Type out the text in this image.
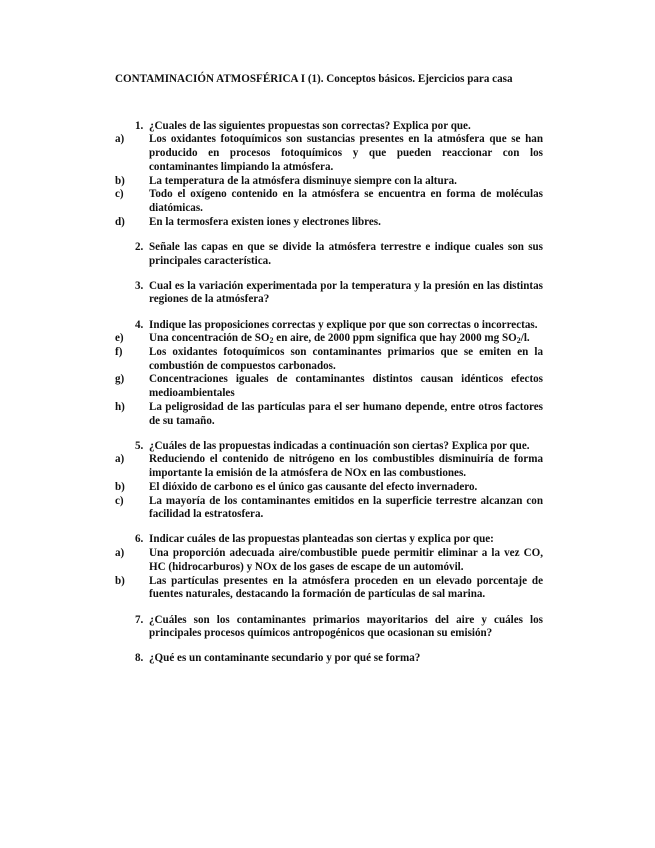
CONTAMINACIÓN ATMOSFÉRICA I (1). Conceptos básicos. Ejercicios para casa
1. ¿Cuales de las siguientes propuestas son correctas? Explica por que.
a)	Los oxidantes fotoquímicos son sustancias presentes en la atmósfera que se han producido en procesos fotoquímicos y que pueden reaccionar con los contaminantes limpiando la atmósfera.
b)	La temperatura de la atmósfera disminuye siempre con la altura.
c)	Todo el oxígeno contenido en la atmósfera se encuentra en forma de moléculas diatómicas.
d)	En la termosfera existen iones y electrones libres.
2. Señale las capas en que se divide la atmósfera terrestre e indique cuales son sus principales característica.
3. Cual es la variación experimentada por la temperatura y la presión en las distintas regiones de la atmósfera?
4. Indique las proposiciones correctas y explique por que son correctas o incorrectas.
e)	Una concentración de $SO_2$ en aire, de 2000 ppm significa que hay 2000 mg $SO_2/l$.
f)	Los oxidantes fotoquímicos son contaminantes primarios que se emiten en la combustión de compuestos carbonados.
g)	Concentraciones iguales de contaminantes distintos causan idénticos efectos medioambientales
h)	La peligrosidad de las partículas para el ser humano depende, entre otros factores de su tamaño.
5. ¿Cuáles de las propuestas indicadas a continuación son ciertas? Explica por que.
a)	Reduciendo el contenido de nitrógeno en los combustibles disminuiría de forma importante la emisión de la atmósfera de NOx en las combustiones.
b)	El dióxido de carbono es el único gas causante del efecto invernadero.
c)	La mayoría de los contaminantes emitidos en la superficie terrestre alcanzan con facilidad la estratosfera.
6. Indicar cuáles de las propuestas planteadas son ciertas y explica por que:
a)	Una proporción adecuada aire/combustible puede permitir eliminar a la vez CO, HC (hidrocarburos) y NOx de los gases de escape de un automóvil.
b)	Las partículas presentes en la atmósfera proceden en un elevado porcentaje de fuentes naturales, destacando la formación de partículas de sal marina.
7. ¿Cuáles son los contaminantes primarios mayoritarios del aire y cuáles los principales procesos químicos antropogénicos que ocasionan su emisión?
8. ¿Qué es un contaminante secundario y por qué se forma?
